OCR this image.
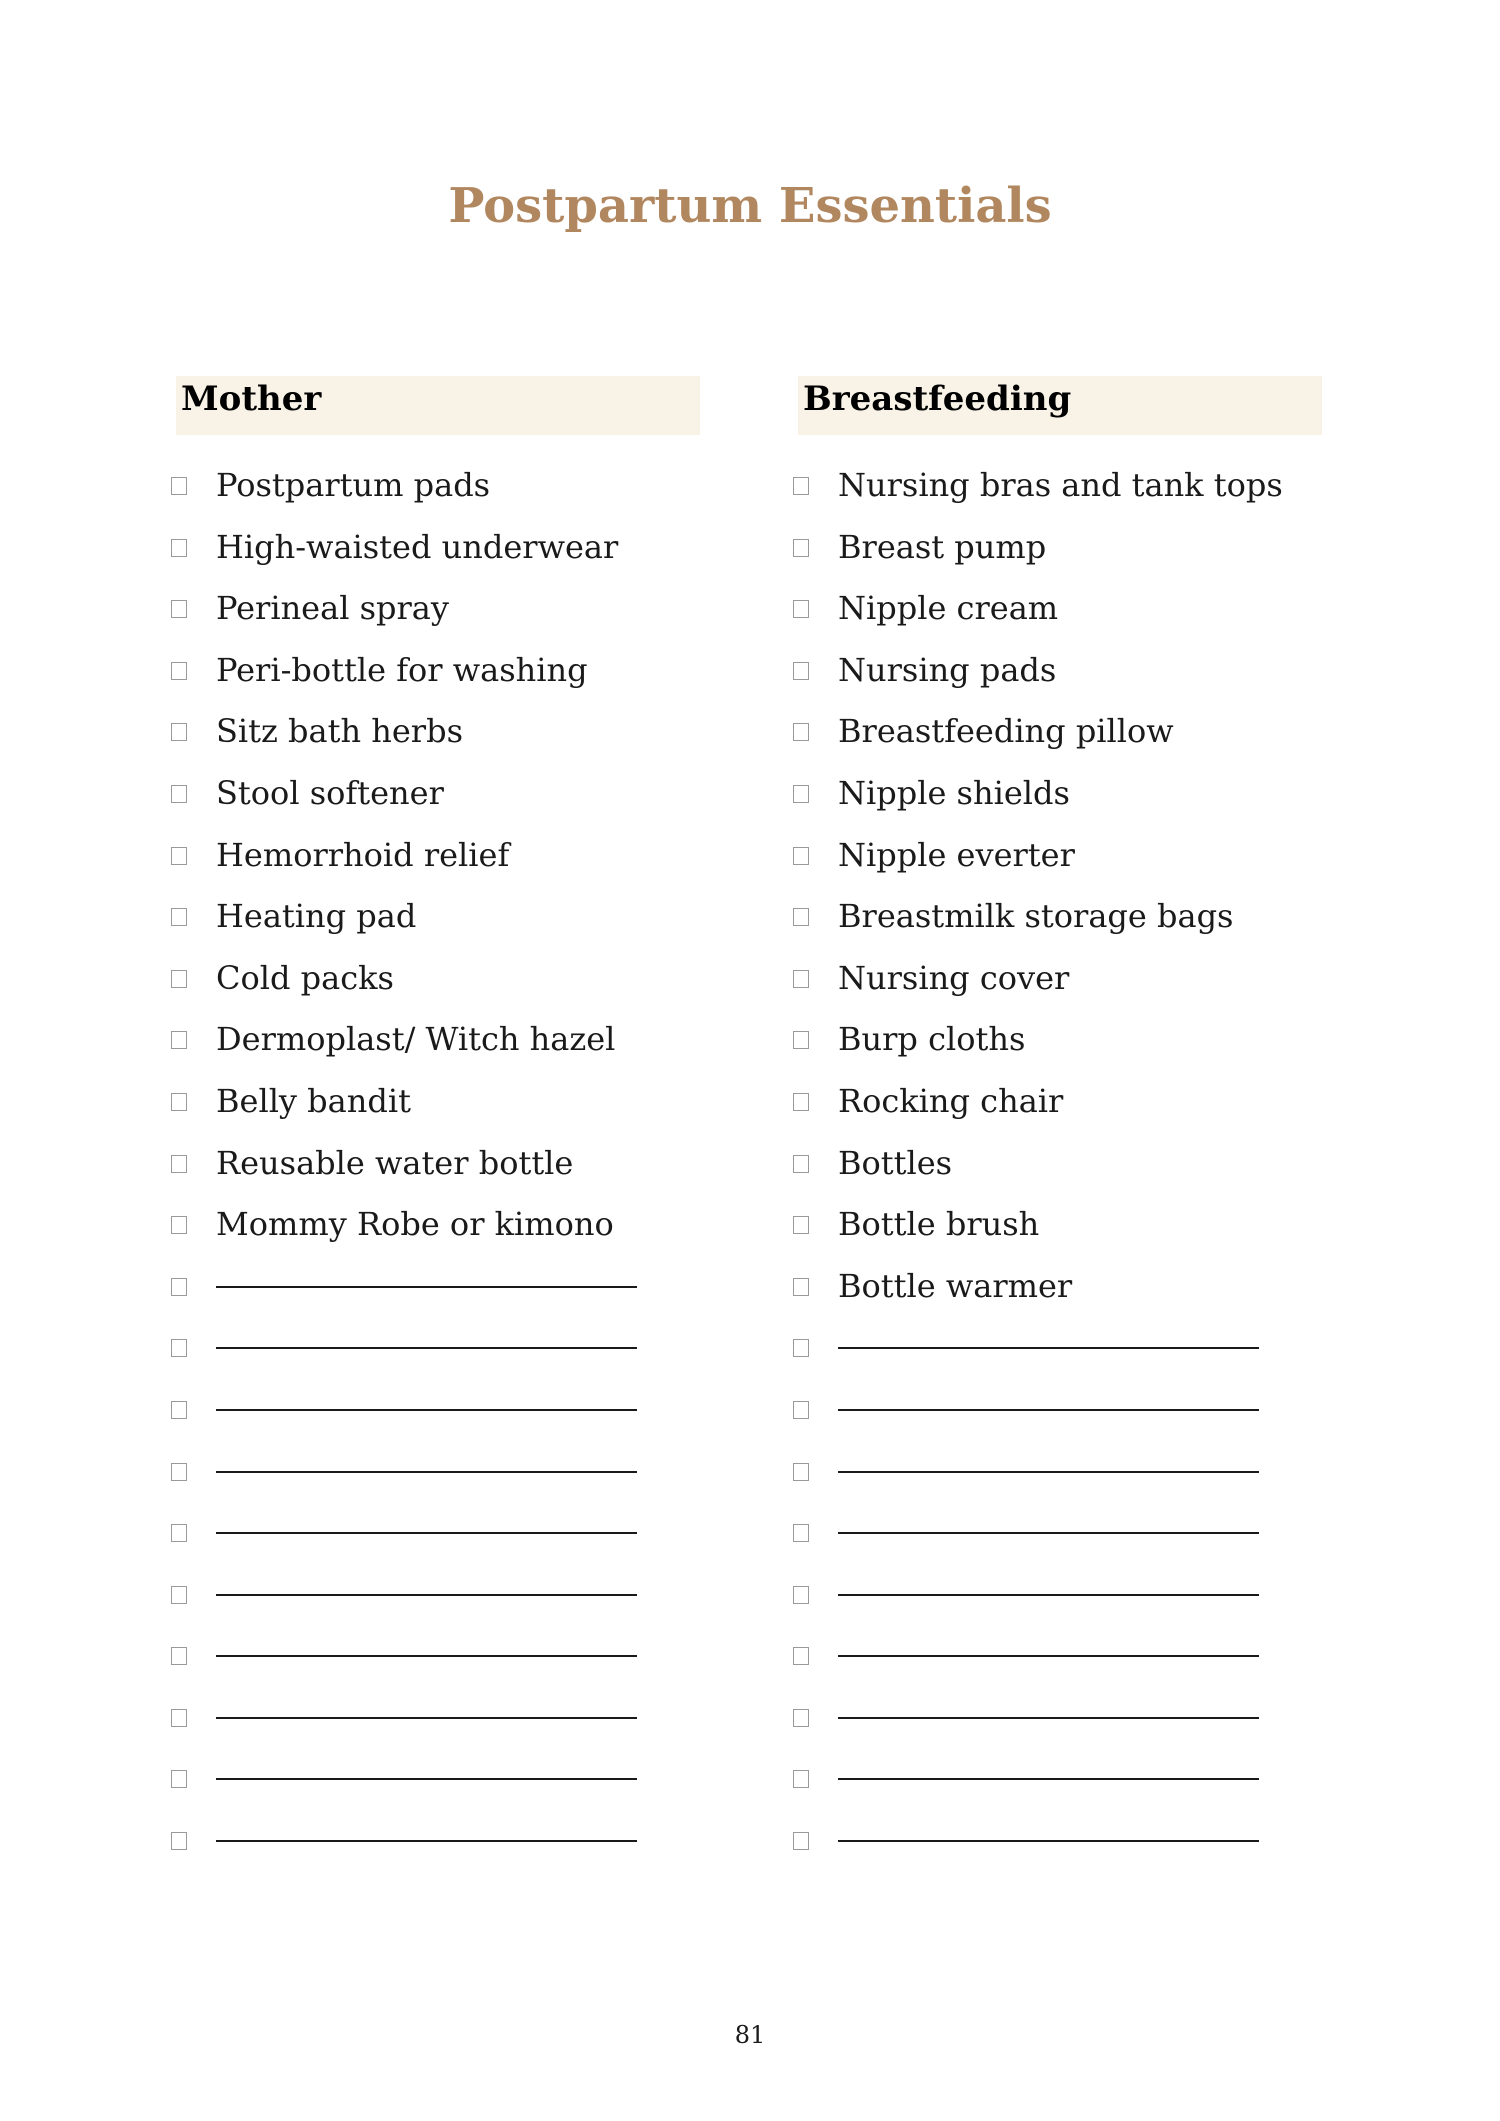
Postpartum Essentials
Mother
Postpartum pads
High-waisted underwear
Perineal spray
Peri-bottle for washing
Sitz bath herbs
Stool softener
Hemorrhoid relief
Heating pad
Cold packs
Dermoplast/ Witch hazel
Belly bandit
Reusable water bottle
Mommy Robe or kimono
Breastfeeding
Nursing bras and tank tops
Breast pump
Nipple cream
Nursing pads
Breastfeeding pillow
Nipple shields
Nipple everter
Breastmilk storage bags
Nursing cover
Burp cloths
Rocking chair
Bottles
Bottle brush
Bottle warmer
81
